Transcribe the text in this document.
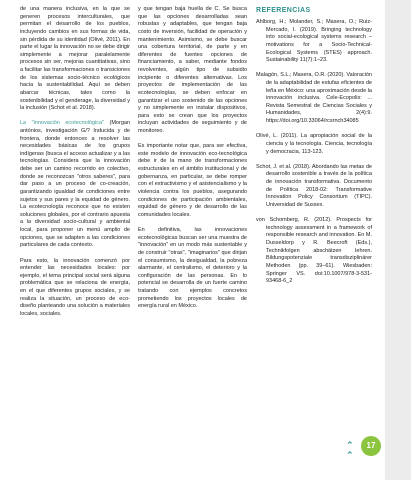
de una manera inclusiva, en la que se generen procesos interculturales, que permitan el desarrollo de los pueblos, incluyendo cambios en sus formas de vida, sin pérdida de su identidad (Olivé, 2011). En parte el lugar la innovación no se debe dirigir simplemente a mejorar paralelamente procesos sin ser, mejoras cuantitativas, sino a facilitar las transformaciones o transiciones de los sistemas socio-técnico ecológicos hacia la sustentabilidad. Aquí se deben abarcar técnicas, tales como la sostenibilidad y el genderage, la diversidad y la inclusión (Schot et al. 2018).

La "innovación ecotecnológica" (Morgan antónios, investigación G/? Inducida y de frontera, donde entonces a resolver las necesidades básicas de los grupos indígenas (busca el acceso actualizar y a las tecnologías. Considera que la innovación debe ser un camino recorrido en colectivo, donde se reconozcan "otros saberes", para dar paso a un proceso de co-creación, garantizando igualdad de condiciones entre sujetos y sus pares y la equidad de género. La ecotecnología reconoce que no existen soluciones globales, por el contrario apuesta a la diversidad socio-cultural y ambiental local, para proponer un menú amplio de opciones, que se adapten a las condiciones particulares de cada contexto.

Para esto, la innovación comenzó por entender las necesidades locales: por ejemplo, el tema principal social será alguna problemática que se relaciona de energía, en el que diferentes grupos sociales, y se realiza la situación, un proceso de eco-diseño planteando una solución a materiales locales, sociales.

y que tengan baja huella de C. Se busca que las opciones desarrolladas sean robustas y adaptables, que tengan baja costo de inversión, facilidad de operación y mantenimiento. Asimismo, se debe buscar una cobertura territorial, de parte y en diferentes de fuentes opciones de financiamiento, a saber, mediante fondos revolventes, algún tipo de subsidio incipiente o diferentes alternativas. Los proyectos de implementación de las ecotecnologías, se deben enfocar en garantizar el uso sostenido de las opciones y no simplemente en instalar dispositivos, para esto se crean que los proyectos incluyan actividades de seguimiento y de monitoreo.

Es importante notar que, para ser efectiva, este modelo de innovación eco-tecnológica debe ir de la mano de transformaciones estructurales en el ámbito institucional y de gobernanza, en particular, se debe romper con el extractivismo y el asistencialismo y la violencia contra los pueblos, asegurando condiciones de participación ambientales, equidad de género y de desarrollo de las comunidades locales.

En definitiva, las innovaciones ecotecnológicas buscan ser una muestra de "innovación" en un modo más sustentable y de construir "otras", "imaginarios" que dirijan el consumismo, la desigualdad, la pobreza alarmante, el centralismo, el deterioro y la configuración de las personas. En lo potencial se desarrolla de un fuerte camino tratando con ejemplos concretos prometiendo los proyectos locales de energía rural en México.

REFERENCIAS

Ahlborg, H.; Molander, S.; Masera, O.; Ruiz-Mercado, I. (2019). Bringing technology into social-ecological systems research – motivations for a Socio-Technical-Ecological Systems (STES) approach. Sustainability 11(7):1–23.

Malagón, S.L.; Masera, O.R. (2020). Valoración de la adaptabilidad de estufas eficientes de leña en México: una aproximación desde la innovación inclusiva. Cele-Ecopolis: ... Revista Semestral de Ciencias Sociales y Humanidades, 2(4):9. https://doi.org/10.33064/rcsrnch34085

Olivé, L. (2011). La apropiación social de la ciencia y la tecnología. Ciencia, tecnología y democracia, 113-123.

Schot, J. et al. (2018). Abordando las metas de desarrollo sostenible a través de la política de innovación transformativa. Documento de Política 2018-02: Transformative Innovation Policy Consortium (TIPC). Universidad de Sussex.

von Schomberg, R. (2012). Prospects for technology assessment in a framework of responsible research and innovation. En M. Dusseldorp y R. Beecroft (Eds.), Technikfolgen abschätzen lehren. Bildungspotenziale transdisziplinärer Methoden (pp. 39–61). Wiesbaden: Springer VS. doi:10.1007/978-3-531-93468-6_2

⌃
⌃
17
